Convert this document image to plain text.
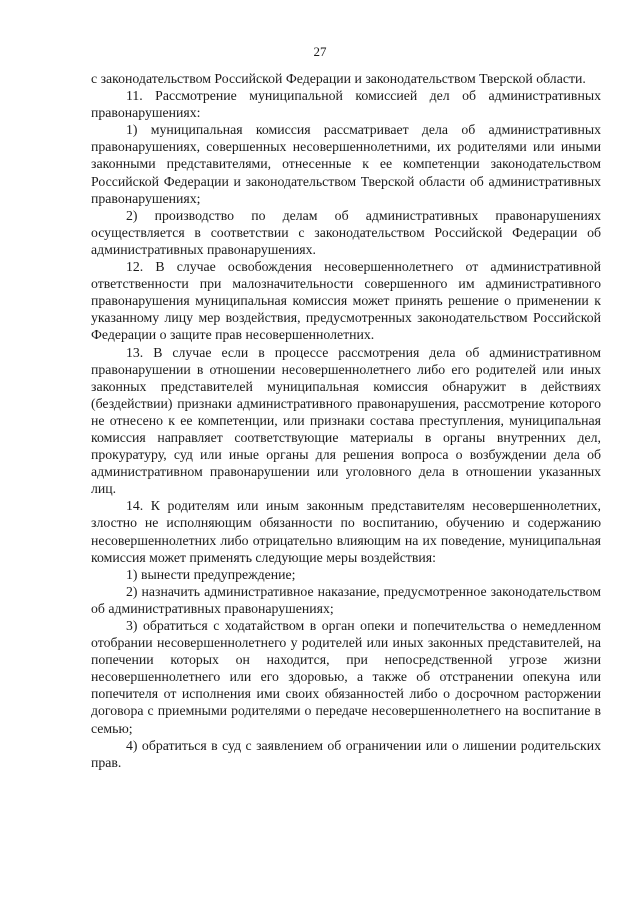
27

с законодательством Российской Федерации и законодательством Тверской области.

11. Рассмотрение муниципальной комиссией дел об административных правонарушениях:

1) муниципальная комиссия рассматривает дела об административных правонарушениях, совершенных несовершеннолетними, их родителями или иными законными представителями, отнесенные к ее компетенции законодательством Российской Федерации и законодательством Тверской области об административных правонарушениях;

2) производство по делам об административных правонарушениях осуществляется в соответствии с законодательством Российской Федерации об административных правонарушениях.

12. В случае освобождения несовершеннолетнего от административной ответственности при малозначительности совершенного им административного правонарушения муниципальная комиссия может принять решение о применении к указанному лицу мер воздействия, предусмотренных законодательством Российской Федерации о защите прав несовершеннолетних.

13. В случае если в процессе рассмотрения дела об административном правонарушении в отношении несовершеннолетнего либо его родителей или иных законных представителей муниципальная комиссия обнаружит в действиях (бездействии) признаки административного правонарушения, рассмотрение которого не отнесено к ее компетенции, или признаки состава преступления, муниципальная комиссия направляет соответствующие материалы в органы внутренних дел, прокуратуру, суд или иные органы для решения вопроса о возбуждении дела об административном правонарушении или уголовного дела в отношении указанных лиц.

14. К родителям или иным законным представителям несовершеннолетних, злостно не исполняющим обязанности по воспитанию, обучению и содержанию несовершеннолетних либо отрицательно влияющим на их поведение, муниципальная комиссия может применять следующие меры воздействия:

1) вынести предупреждение;

2) назначить административное наказание, предусмотренное законодательством об административных правонарушениях;

3) обратиться с ходатайством в орган опеки и попечительства о немедленном отобрании несовершеннолетнего у родителей или иных законных представителей, на попечении которых он находится, при непосредственной угрозе жизни несовершеннолетнего или его здоровью, а также об отстранении опекуна или попечителя от исполнения ими своих обязанностей либо о досрочном расторжении договора с приемными родителями о передаче несовершеннолетнего на воспитание в семью;

4) обратиться в суд с заявлением об ограничении или о лишении родительских прав.
